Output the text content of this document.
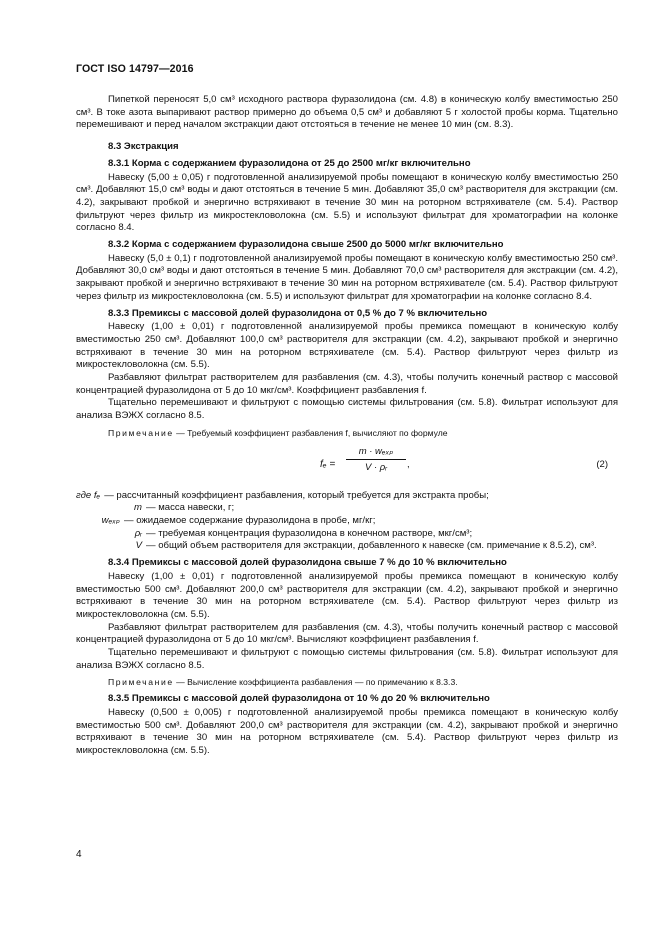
ГОСТ ISO 14797—2016

Пипеткой переносят 5,0 см³ исходного раствора фуразолидона (см. 4.8) в коническую колбу вместимостью 250 см³. В токе азота выпаривают раствор примерно до объема 0,5 см³ и добавляют 5 г холостой пробы корма. Тщательно перемешивают и перед началом экстракции дают отстояться в течение не менее 10 мин (см. 8.3).

8.3 Экстракция

8.3.1 Корма с содержанием фуразолидона от 25 до 2500 мг/кг включительно

Навеску (5,00 ± 0,05) г подготовленной анализируемой пробы помещают в коническую колбу вместимостью 250 см³. Добавляют 15,0 см³ воды и дают отстояться в течение 5 мин. Добавляют 35,0 см³ растворителя для экстракции (см. 4.2), закрывают пробкой и энергично встряхивают в течение 30 мин на роторном встряхивателе (см. 5.4). Раствор фильтруют через фильтр из микростекловолокна (см. 5.5) и используют фильтрат для хроматографии на колонке согласно 8.4.

8.3.2 Корма с содержанием фуразолидона свыше 2500 до 5000 мг/кг включительно

Навеску (5,0 ± 0,1) г подготовленной анализируемой пробы помещают в коническую колбу вместимостью 250 см³. Добавляют 30,0 см³ воды и дают отстояться в течение 5 мин. Добавляют 70,0 см³ растворителя для экстракции (см. 4.2), закрывают пробкой и энергично встряхивают в течение 30 мин на роторном встряхивателе (см. 5.4). Раствор фильтруют через фильтр из микростекловолокна (см. 5.5) и используют фильтрат для хроматографии на колонке согласно 8.4.

8.3.3 Премиксы с массовой долей фуразолидона от 0,5 % до 7 % включительно

Навеску (1,00 ± 0,01) г подготовленной анализируемой пробы премикса помещают в коническую колбу вместимостью 250 см³. Добавляют 100,0 см³ растворителя для экстракции (см. 4.2), закрывают пробкой и энергично встряхивают в течение 30 мин на роторном встряхивателе (см. 5.4). Раствор фильтруют через фильтр из микростекловолокна (см. 5.5).

Разбавляют фильтрат растворителем для разбавления (см. 4.3), чтобы получить конечный раствор с массовой концентрацией фуразолидона от 5 до 10 мкг/см³. Коэффициент разбавления f.

Тщательно перемешивают и фильтруют с помощью системы фильтрования (см. 5.8). Фильтрат используют для анализа ВЭЖХ согласно 8.5.

Примечание — Требуемый коэффициент разбавления f, вычисляют по формуле

fₑ =
m · wₑₓₚ
V · ρᵣ	,	(2)
где fₑ — рассчитанный коэффициент разбавления, который требуется для экстракта пробы;
m — масса навески, г;
wₑₓₚ — ожидаемое содержание фуразолидона в пробе, мг/кг;
ρᵣ — требуемая концентрация фуразолидона в конечном растворе, мкг/см³;
V — общий объем растворителя для экстракции, добавленного к навеске (см. примечание к 8.5.2), см³.

8.3.4 Премиксы с массовой долей фуразолидона свыше 7 % до 10 % включительно

Навеску (1,00 ± 0,01) г подготовленной анализируемой пробы премикса помещают в коническую колбу вместимостью 500 см³. Добавляют 200,0 см³ растворителя для экстракции (см. 4.2), закрывают пробкой и энергично встряхивают в течение 30 мин на роторном встряхивателе (см. 5.4). Раствор фильтруют через фильтр из микростекловолокна (см. 5.5).

Разбавляют фильтрат растворителем для разбавления (см. 4.3), чтобы получить конечный раствор с массовой концентрацией фуразолидона от 5 до 10 мкг/см³. Вычисляют коэффициент разбавления f.

Тщательно перемешивают и фильтруют с помощью системы фильтрования (см. 5.8). Фильтрат используют для анализа ВЭЖХ согласно 8.5.

Примечание — Вычисление коэффициента разбавления — по примечанию к 8.3.3.

8.3.5 Премиксы с массовой долей фуразолидона от 10 % до 20 % включительно

Навеску (0,500 ± 0,005) г подготовленной анализируемой пробы премикса помещают в коническую колбу вместимостью 500 см³. Добавляют 200,0 см³ растворителя для экстракции (см. 4.2), закрывают пробкой и энергично встряхивают в течение 30 мин на роторном встряхивателе (см. 5.4). Раствор фильтруют через фильтр из микростекловолокна (см. 5.5).

4
